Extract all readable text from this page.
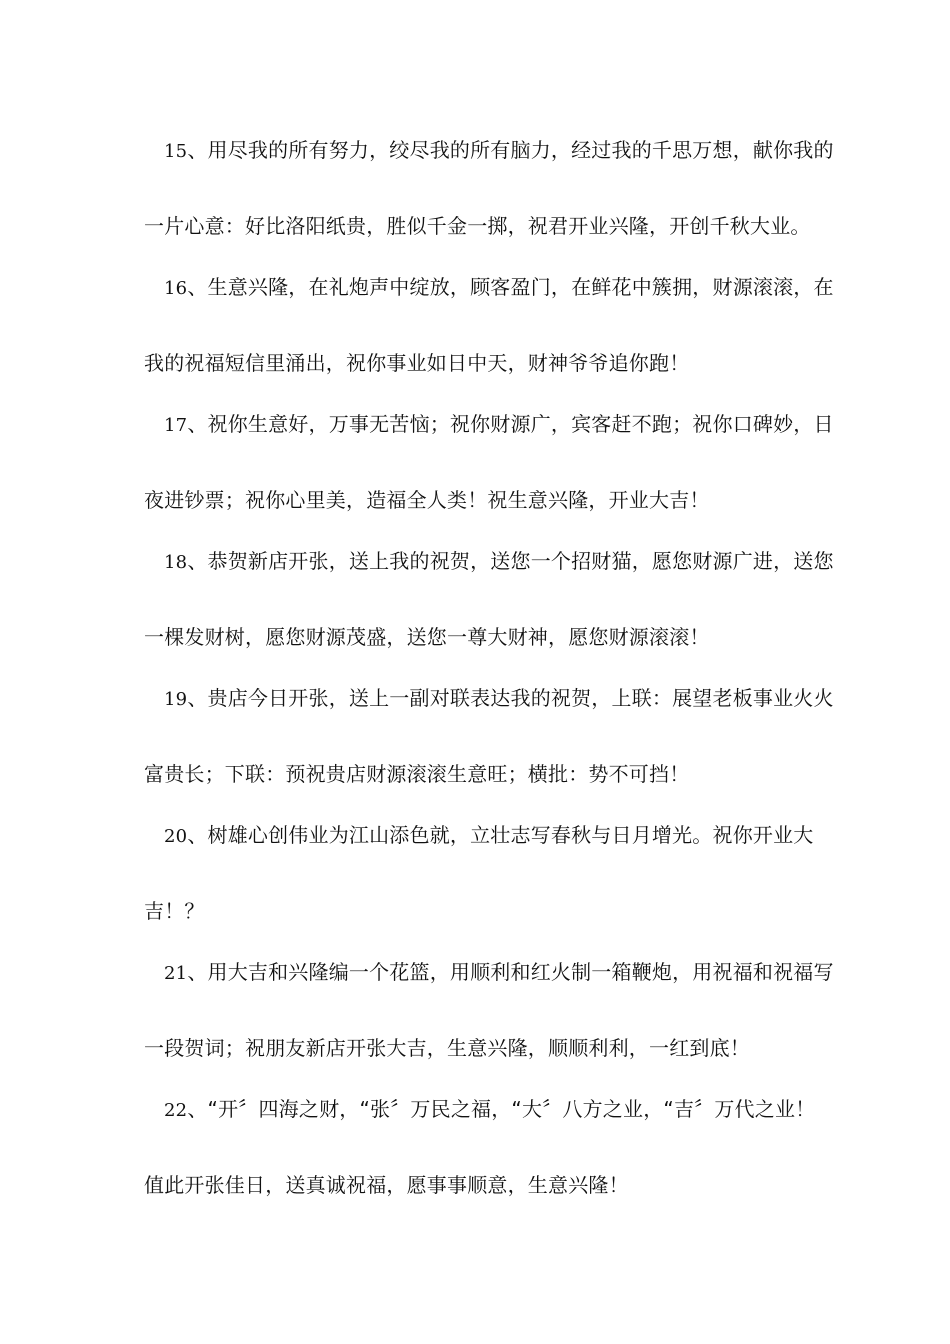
15、用尽我的所有努力，绞尽我的所有脑力，经过我的千思万想，献你我的
一片心意：好比洛阳纸贵，胜似千金一掷，祝君开业兴隆，开创千秋大业。
16、生意兴隆，在礼炮声中绽放，顾客盈门，在鲜花中簇拥，财源滚滚，在
我的祝福短信里涌出，祝你事业如日中天，财神爷爷追你跑！
17、祝你生意好，万事无苦恼；祝你财源广，宾客赶不跑；祝你口碑妙，日
夜进钞票；祝你心里美，造福全人类！祝生意兴隆，开业大吉！
18、恭贺新店开张，送上我的祝贺，送您一个招财猫，愿您财源广进，送您
一棵发财树，愿您财源茂盛，送您一尊大财神，愿您财源滚滚！
19、贵店今日开张，送上一副对联表达我的祝贺，上联：展望老板事业火火
富贵长；下联：预祝贵店财源滚滚生意旺；横批：势不可挡！
20、树雄心创伟业为江山添色就，立壮志写春秋与日月增光。祝你开业大
吉！？
21、用大吉和兴隆编一个花篮，用顺利和红火制一箱鞭炮，用祝福和祝福写
一段贺词；祝朋友新店开张大吉，生意兴隆，顺顺利利，一红到底！
22、“开〞四海之财，“张〞万民之福，“大〞八方之业，“吉〞万代之业！
值此开张佳日，送真诚祝福，愿事事顺意，生意兴隆！
